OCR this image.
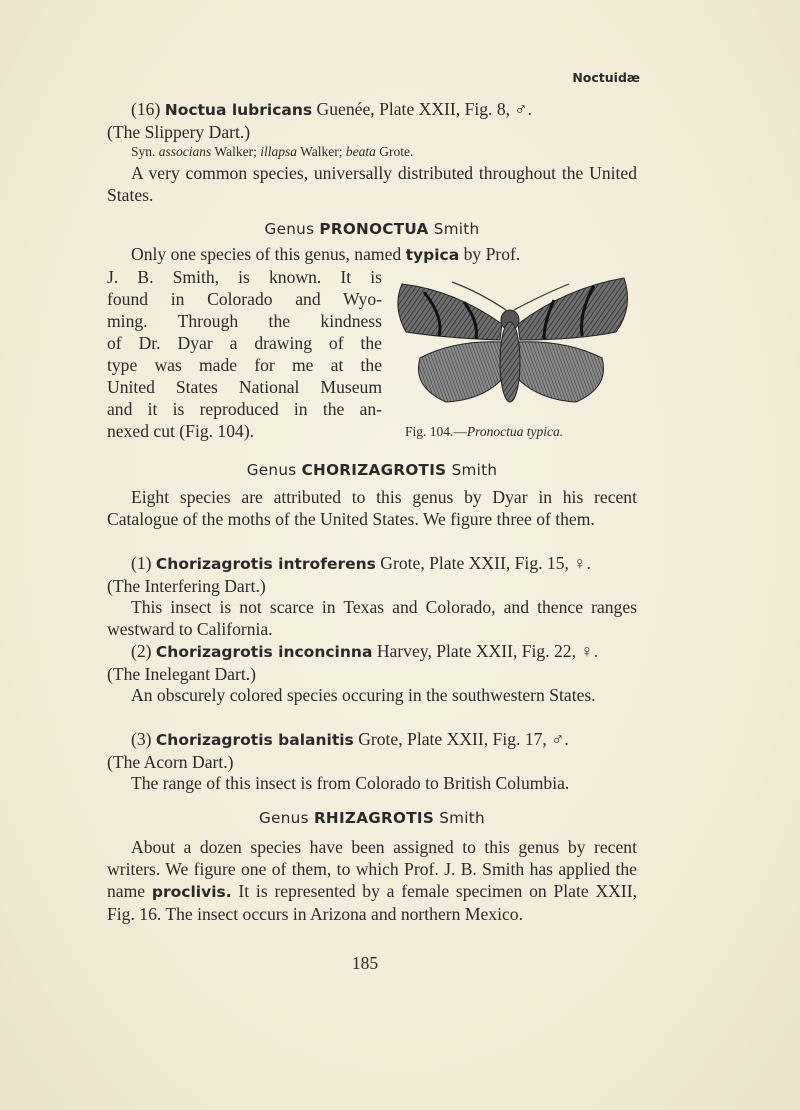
Noctuidæ

(16) Noctua lubricans Guenée, Plate XXII, Fig. 8, ♂.
(The Slippery Dart.)

Syn. associans Walker; illapsa Walker; beata Grote.

A very common species, universally distributed throughout the United States.

Genus PRONOCTUA Smith

Only one species of this genus, named typica by Prof.

J. B. Smith, is known. It is
found in Colorado and Wyo-
ming. Through the kindness
of Dr. Dyar a drawing of the
type was made for me at the
United States National Museum
and it is reproduced in the an-
nexed cut (Fig. 104).
Genus CHORIZAGROTIS Smith

Eight species are attributed to this genus by Dyar in his recent Catalogue of the moths of the United States. We figure three of them.

(1) Chorizagrotis introferens Grote, Plate XXII, Fig. 15, ♀.
(The Interfering Dart.)

This insect is not scarce in Texas and Colorado, and thence ranges westward to California.

(2) Chorizagrotis inconcinna Harvey, Plate XXII, Fig. 22, ♀.
(The Inelegant Dart.)

An obscurely colored species occuring in the southwestern States.

(3) Chorizagrotis balanitis Grote, Plate XXII, Fig. 17, ♂.
(The Acorn Dart.)

The range of this insect is from Colorado to British Columbia.

Genus RHIZAGROTIS Smith

About a dozen species have been assigned to this genus by recent writers. We figure one of them, to which Prof. J. B. Smith has applied the name proclivis. It is represented by a female specimen on Plate XXII, Fig. 16. The insect occurs in Arizona and northern Mexico.

Fig. 104.—Pronoctua typica.
185
